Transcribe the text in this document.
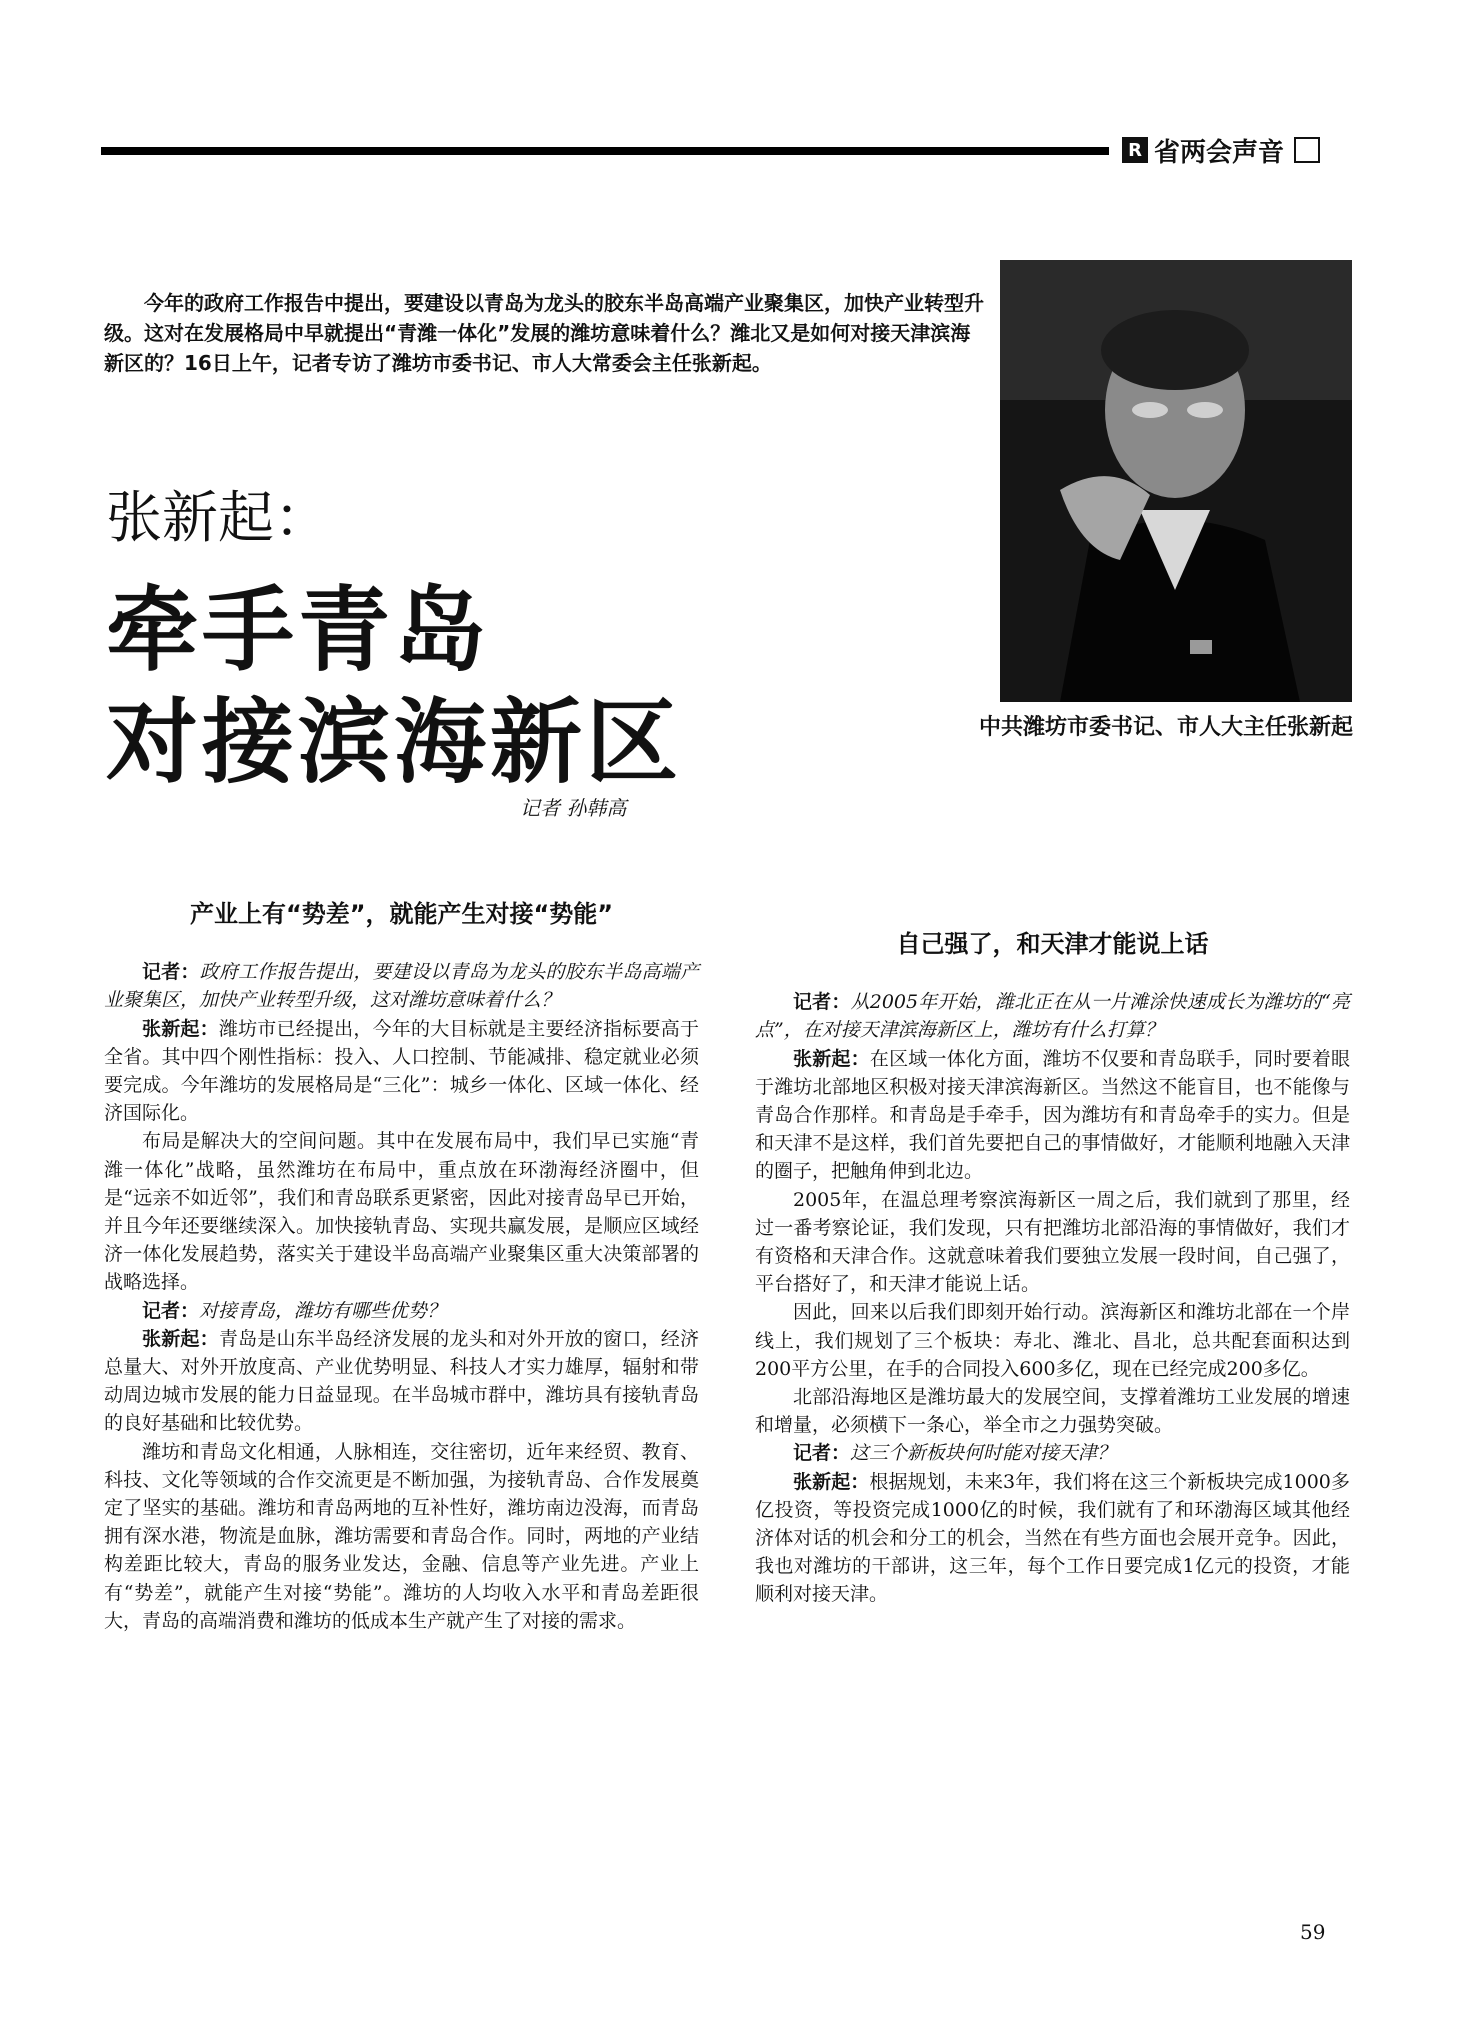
R 省两会声音

今年的政府工作报告中提出，要建设以青岛为龙头的胶东半岛高端产业聚集区，加快产业转型升级。这对在发展格局中早就提出“青潍一体化”发展的潍坊意味着什么？潍北又是如何对接天津滨海新区的？16日上午，记者专访了潍坊市委书记、市人大常委会主任张新起。

中共潍坊市委书记、市人大主任张新起

张新起：
牵手青岛
对接滨海新区

记者 孙韩高

产业上有“势差”，就能产生对接“势能”

记者：政府工作报告提出，要建设以青岛为龙头的胶东半岛高端产业聚集区，加快产业转型升级，这对潍坊意味着什么？

张新起：潍坊市已经提出，今年的大目标就是主要经济指标要高于全省。其中四个刚性指标：投入、人口控制、节能减排、稳定就业必须要完成。今年潍坊的发展格局是“三化”：城乡一体化、区域一体化、经济国际化。

布局是解决大的空间问题。其中在发展布局中，我们早已实施“青潍一体化”战略，虽然潍坊在布局中，重点放在环渤海经济圈中，但是“远亲不如近邻”，我们和青岛联系更紧密，因此对接青岛早已开始，并且今年还要继续深入。加快接轨青岛、实现共赢发展，是顺应区域经济一体化发展趋势，落实关于建设半岛高端产业聚集区重大决策部署的战略选择。

记者：对接青岛，潍坊有哪些优势？

张新起：青岛是山东半岛经济发展的龙头和对外开放的窗口，经济总量大、对外开放度高、产业优势明显、科技人才实力雄厚，辐射和带动周边城市发展的能力日益显现。在半岛城市群中，潍坊具有接轨青岛的良好基础和比较优势。

潍坊和青岛文化相通，人脉相连，交往密切，近年来经贸、教育、科技、文化等领域的合作交流更是不断加强，为接轨青岛、合作发展奠定了坚实的基础。潍坊和青岛两地的互补性好，潍坊南边没海，而青岛拥有深水港，物流是血脉，潍坊需要和青岛合作。同时，两地的产业结构差距比较大，青岛的服务业发达，金融、信息等产业先进。产业上有“势差”，就能产生对接“势能”。潍坊的人均收入水平和青岛差距很大，青岛的高端消费和潍坊的低成本生产就产生了对接的需求。

自己强了，和天津才能说上话

记者：从2005年开始，潍北正在从一片滩涂快速成长为潍坊的“亮点”，在对接天津滨海新区上，潍坊有什么打算？

张新起：在区域一体化方面，潍坊不仅要和青岛联手，同时要着眼于潍坊北部地区积极对接天津滨海新区。当然这不能盲目，也不能像与青岛合作那样。和青岛是手牵手，因为潍坊有和青岛牵手的实力。但是和天津不是这样，我们首先要把自己的事情做好，才能顺利地融入天津的圈子，把触角伸到北边。

2005年，在温总理考察滨海新区一周之后，我们就到了那里，经过一番考察论证，我们发现，只有把潍坊北部沿海的事情做好，我们才有资格和天津合作。这就意味着我们要独立发展一段时间，自己强了，平台搭好了，和天津才能说上话。

因此，回来以后我们即刻开始行动。滨海新区和潍坊北部在一个岸线上，我们规划了三个板块：寿北、潍北、昌北，总共配套面积达到200平方公里，在手的合同投入600多亿，现在已经完成200多亿。

北部沿海地区是潍坊最大的发展空间，支撑着潍坊工业发展的增速和增量，必须横下一条心，举全市之力强势突破。

记者：这三个新板块何时能对接天津？

张新起：根据规划，未来3年，我们将在这三个新板块完成1000多亿投资，等投资完成1000亿的时候，我们就有了和环渤海区域其他经济体对话的机会和分工的机会，当然在有些方面也会展开竞争。因此，我也对潍坊的干部讲，这三年，每个工作日要完成1亿元的投资，才能顺利对接天津。

59
